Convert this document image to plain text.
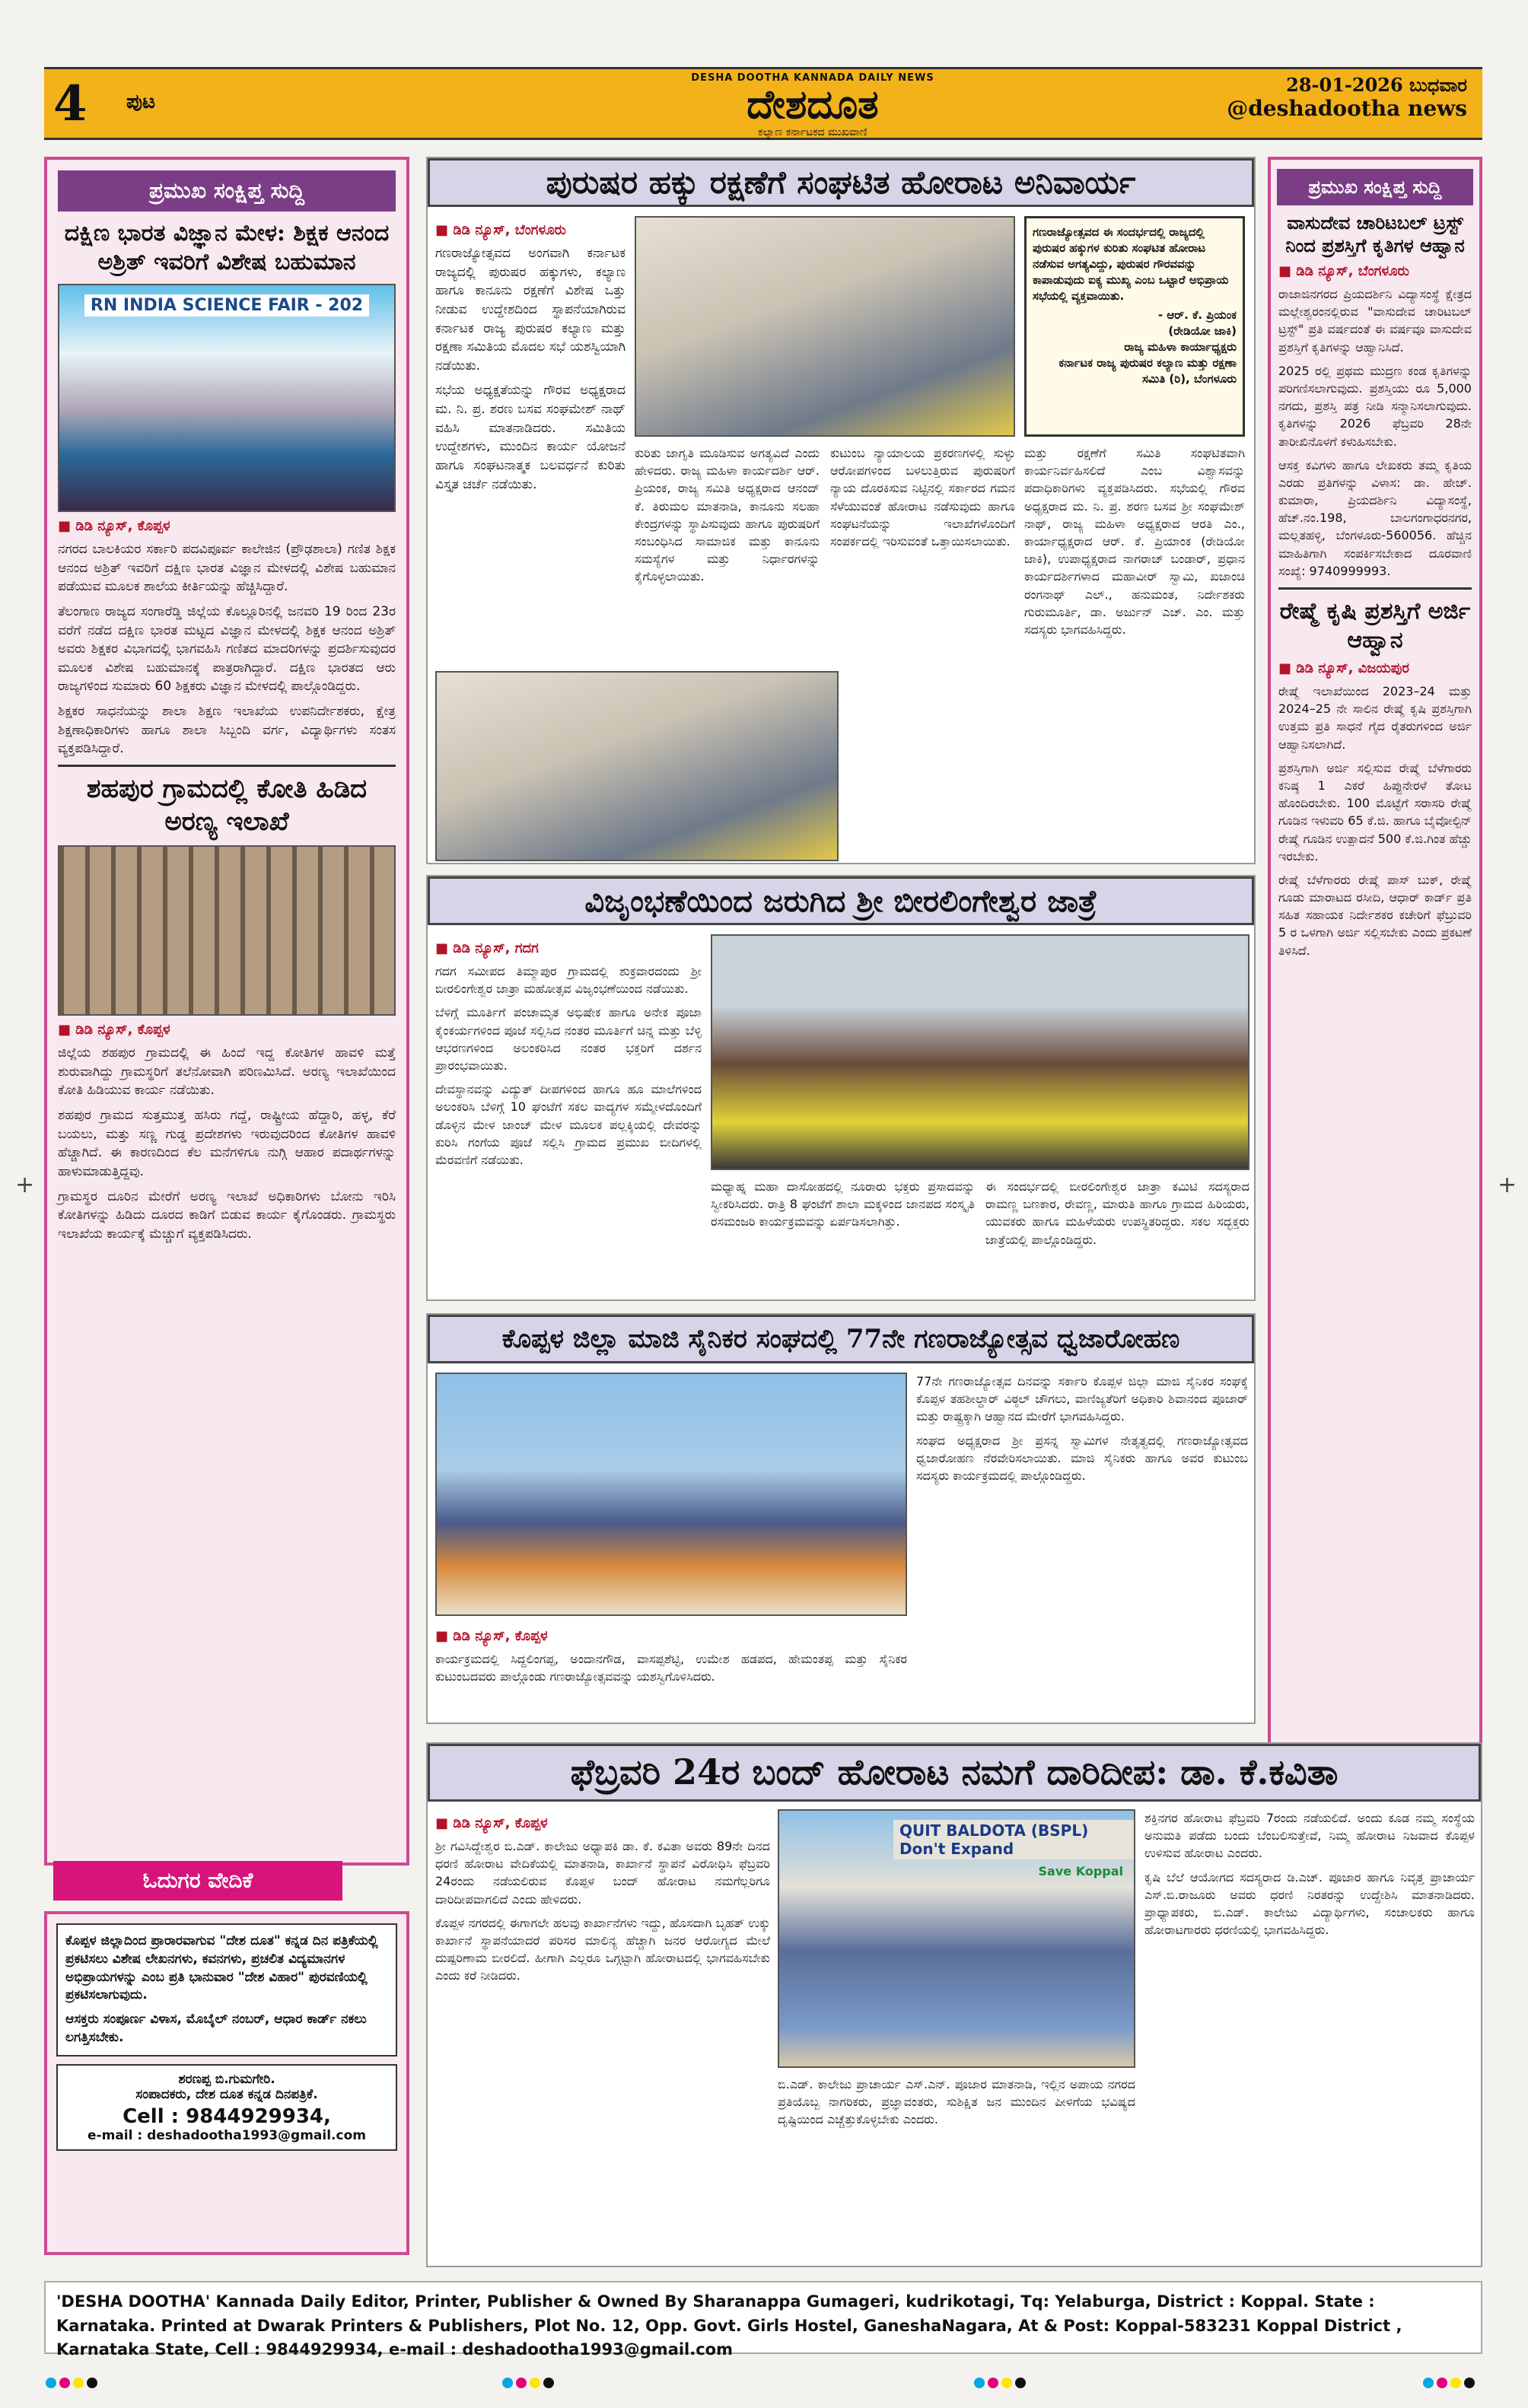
4 ಪುಟ
DESHA DOOTHA KANNADA DAILY NEWS
ದೇಶದೂತ
ಕಲ್ಯಾಣ ಕರ್ನಾಟಕದ ಮುಖವಾಣಿ
28-01-2026 ಬುಧವಾರ
@deshadootha news
ಪ್ರಮುಖ ಸಂಕ್ಷಿಪ್ತ ಸುದ್ದಿ
ದಕ್ಷಿಣ ಭಾರತ ವಿಜ್ಞಾನ ಮೇಳ: ಶಿಕ್ಷಕ ಆನಂದ ಅಶ್ರಿತ್ ಇವರಿಗೆ ವಿಶೇಷ ಬಹುಮಾನ
RN INDIA SCIENCE FAIR - 202
■ ಡಿಡಿ ನ್ಯೂಸ್, ಕೊಪ್ಪಳ

ನಗರದ ಬಾಲಕಿಯರ ಸರ್ಕಾರಿ ಪದವಿಪೂರ್ವ ಕಾಲೇಜಿನ (ಪ್ರೌಢಶಾಲಾ) ಗಣಿತ ಶಿಕ್ಷಕ ಆನಂದ ಅಶ್ರಿತ್ ಇವರಿಗೆ ದಕ್ಷಿಣ ಭಾರತ ವಿಜ್ಞಾನ ಮೇಳದಲ್ಲಿ ವಿಶೇಷ ಬಹುಮಾನ ಪಡೆಯುವ ಮೂಲಕ ಶಾಲೆಯ ಕೀರ್ತಿಯನ್ನು ಹೆಚ್ಚಿಸಿದ್ದಾರೆ.

ತೆಲಂಗಾಣ ರಾಜ್ಯದ ಸಂಗಾರೆಡ್ಡಿ ಜಿಲ್ಲೆಯ ಕೊಲ್ಲೂರಿನಲ್ಲಿ ಜನವರಿ 19 ರಿಂದ 23ರ ವರೆಗೆ ನಡೆದ ದಕ್ಷಿಣ ಭಾರತ ಮಟ್ಟದ ವಿಜ್ಞಾನ ಮೇಳದಲ್ಲಿ ಶಿಕ್ಷಕ ಆನಂದ ಅಶ್ರಿತ್ ಅವರು ಶಿಕ್ಷಕರ ವಿಭಾಗದಲ್ಲಿ ಭಾಗವಹಿಸಿ ಗಣಿತದ ಮಾದರಿಗಳನ್ನು ಪ್ರದರ್ಶಿಸುವುದರ ಮೂಲಕ ವಿಶೇಷ ಬಹುಮಾನಕ್ಕೆ ಪಾತ್ರರಾಗಿದ್ದಾರೆ. ದಕ್ಷಿಣ ಭಾರತದ ಆರು ರಾಜ್ಯಗಳಿಂದ ಸುಮಾರು 60 ಶಿಕ್ಷಕರು ವಿಜ್ಞಾನ ಮೇಳದಲ್ಲಿ ಪಾಲ್ಗೊಂಡಿದ್ದರು.

ಶಿಕ್ಷಕರ ಸಾಧನೆಯನ್ನು ಶಾಲಾ ಶಿಕ್ಷಣ ಇಲಾಖೆಯ ಉಪನಿರ್ದೇಶಕರು, ಕ್ಷೇತ್ರ ಶಿಕ್ಷಣಾಧಿಕಾರಿಗಳು ಹಾಗೂ ಶಾಲಾ ಸಿಬ್ಬಂದಿ ವರ್ಗ, ವಿದ್ಯಾರ್ಥಿಗಳು ಸಂತಸ ವ್ಯಕ್ತಪಡಿಸಿದ್ದಾರೆ.

ಶಹಪುರ ಗ್ರಾಮದಲ್ಲಿ ಕೋತಿ ಹಿಡಿದ ಅರಣ್ಯ ಇಲಾಖೆ
■ ಡಿಡಿ ನ್ಯೂಸ್, ಕೊಪ್ಪಳ

ಜಿಲ್ಲೆಯ ಶಹಪುರ ಗ್ರಾಮದಲ್ಲಿ ಈ ಹಿಂದೆ ಇದ್ದ ಕೋತಿಗಳ ಹಾವಳಿ ಮತ್ತೆ ಶುರುವಾಗಿದ್ದು ಗ್ರಾಮಸ್ಥರಿಗೆ ತಲೆನೋವಾಗಿ ಪರಿಣಮಿಸಿದೆ. ಅರಣ್ಯ ಇಲಾಖೆಯಿಂದ ಕೋತಿ ಹಿಡಿಯುವ ಕಾರ್ಯ ನಡೆಯಿತು.

ಶಹಪುರ ಗ್ರಾಮದ ಸುತ್ತಮುತ್ತ ಹಸಿರು ಗದ್ದೆ, ರಾಷ್ಟ್ರೀಯ ಹೆದ್ದಾರಿ, ಹಳ್ಳ, ಕೆರೆ ಬಯಲು, ಮತ್ತು ಸಣ್ಣ ಗುಡ್ಡ ಪ್ರದೇಶಗಳು ಇರುವುದರಿಂದ ಕೋತಿಗಳ ಹಾವಳಿ ಹೆಚ್ಚಾಗಿದೆ. ಈ ಕಾರಣದಿಂದ ಕೆಲ ಮನೆಗಳಿಗೂ ನುಗ್ಗಿ ಆಹಾರ ಪದಾರ್ಥಗಳನ್ನು ಹಾಳುಮಾಡುತ್ತಿದ್ದವು.

ಗ್ರಾಮಸ್ಥರ ದೂರಿನ ಮೇರೆಗೆ ಅರಣ್ಯ ಇಲಾಖೆ ಅಧಿಕಾರಿಗಳು ಬೋನು ಇರಿಸಿ ಕೋತಿಗಳನ್ನು ಹಿಡಿದು ದೂರದ ಕಾಡಿಗೆ ಬಿಡುವ ಕಾರ್ಯ ಕೈಗೊಂಡರು. ಗ್ರಾಮಸ್ಥರು ಇಲಾಖೆಯ ಕಾರ್ಯಕ್ಕೆ ಮೆಚ್ಚುಗೆ ವ್ಯಕ್ತಪಡಿಸಿದರು.

ಓದುಗರ ವೇದಿಕೆ
ಕೊಪ್ಪಳ ಜಿಲ್ಲಾದಿಂದ ಪ್ರಾರಾರವಾಗುವ "ದೇಶ ದೂತ" ಕನ್ನಡ ದಿನ ಪತ್ರಿಕೆಯಲ್ಲಿ ಪ್ರಕಟಿಸಲು ವಿಶೇಷ ಲೇಖನಗಳು, ಕವನಗಳು, ಪ್ರಚಲಿತ ವಿದ್ಯಮಾನಗಳ ಅಭಿಪ್ರಾಯಗಳನ್ನು ಎಂಬ ಪ್ರತಿ ಭಾನುವಾರ "ದೇಶ ವಿಹಾರ" ಪುರವಣಿಯಲ್ಲಿ ಪ್ರಕಟಿಸಲಾಗುವುದು.
ಆಸಕ್ತರು ಸಂಪೂರ್ಣ ವಿಳಾಸ, ಮೊಬೈಲ್ ನಂಬರ್, ಆಧಾರ ಕಾರ್ಡ್ ನಕಲು ಲಗತ್ತಿಸಬೇಕು.
ಶರಣಪ್ಪ ಬಿ.ಗುಮಗೇರಿ.
ಸಂಪಾದಕರು, ದೇಶ ದೂತ ಕನ್ನಡ ದಿನಪತ್ರಿಕೆ.
Cell : 9844929934,
e-mail : deshadootha1993@gmail.com
ಪುರುಷರ ಹಕ್ಕು ರಕ್ಷಣೆಗೆ ಸಂಘಟಿತ ಹೋರಾಟ ಅನಿವಾರ್ಯ
■ ಡಿಡಿ ನ್ಯೂಸ್, ಬೆಂಗಳೂರು

ಗಣರಾಜ್ಯೋತ್ಸವದ ಅಂಗವಾಗಿ ಕರ್ನಾಟಕ ರಾಜ್ಯದಲ್ಲಿ ಪುರುಷರ ಹಕ್ಕುಗಳು, ಕಲ್ಯಾಣ ಹಾಗೂ ಕಾನೂನು ರಕ್ಷಣೆಗೆ ವಿಶೇಷ ಒತ್ತು ನೀಡುವ ಉದ್ದೇಶದಿಂದ ಸ್ಥಾಪನೆಯಾಗಿರುವ ಕರ್ನಾಟಕ ರಾಜ್ಯ ಪುರುಷರ ಕಲ್ಯಾಣ ಮತ್ತು ರಕ್ಷಣಾ ಸಮಿತಿಯ ಮೊದಲ ಸಭೆ ಯಶಸ್ವಿಯಾಗಿ ನಡೆಯಿತು.

ಸಭೆಯ ಅಧ್ಯಕ್ಷತೆಯನ್ನು ಗೌರವ ಅಧ್ಯಕ್ಷರಾದ ಮ. ನಿ. ಪ್ರ. ಶರಣ ಬಸವ ಸಂಘಮೇಶ್ ನಾಥ್ ವಹಿಸಿ ಮಾತನಾಡಿದರು. ಸಮಿತಿಯ ಉದ್ದೇಶಗಳು, ಮುಂದಿನ ಕಾರ್ಯ ಯೋಜನೆ ಹಾಗೂ ಸಂಘಟನಾತ್ಮಕ ಬಲವರ್ಧನೆ ಕುರಿತು ವಿಸ್ತೃತ ಚರ್ಚೆ ನಡೆಯಿತು.

ಗಣರಾಜ್ಯೋತ್ಸವದ ಈ ಸಂದರ್ಭದಲ್ಲಿ ರಾಜ್ಯದಲ್ಲಿ ಪುರುಷರ ಹಕ್ಕುಗಳ ಕುರಿತು ಸಂಘಟಿತ ಹೋರಾಟ ನಡೆಸುವ ಅಗತ್ಯವಿದ್ದು, ಪುರುಷರ ಗೌರವವನ್ನು ಕಾಪಾಡುವುದು ಐಕ್ಯ ಮುಖ್ಯ ಎಂಬ ಒಟ್ಟಾರೆ ಅಭಿಪ್ರಾಯ ಸಭೆಯಲ್ಲಿ ವ್ಯಕ್ತವಾಯಿತು.
- ಆರ್. ಕೆ. ಪ್ರಿಯಂಕ
(ರೇಡಿಯೋ ಜಾಕಿ)
ರಾಜ್ಯ ಮಹಿಳಾ ಕಾರ್ಯಾಧ್ಯಕ್ಷರು
ಕರ್ನಾಟಕ ರಾಜ್ಯ ಪುರುಷರ ಕಲ್ಯಾಣ ಮತ್ತು ರಕ್ಷಣಾ ಸಮಿತಿ (ರಿ), ಬೆಂಗಳೂರು

ಕುರಿತು ಜಾಗೃತಿ ಮೂಡಿಸುವ ಅಗತ್ಯವಿದೆ ಎಂದು ಹೇಳಿದರು. ರಾಜ್ಯ ಮಹಿಳಾ ಕಾರ್ಯದರ್ಶಿ ಆರ್. ಪ್ರಿಯಂಕ, ರಾಜ್ಯ ಸಮಿತಿ ಅಧ್ಯಕ್ಷರಾದ ಆನಂದ್ ಕೆ. ತಿರುಮಲ ಮಾತನಾಡಿ, ಕಾನೂನು ಸಲಹಾ ಕೇಂದ್ರಗಳನ್ನು ಸ್ಥಾಪಿಸುವುದು ಹಾಗೂ ಪುರುಷರಿಗೆ ಸಂಬಂಧಿಸಿದ ಸಾಮಾಜಿಕ ಮತ್ತು ಕಾನೂನು ಸಮಸ್ಯೆಗಳ ಮತ್ತು ನಿರ್ಧಾರಗಳನ್ನು ಕೈಗೊಳ್ಳಲಾಯಿತು.

ಕುಟುಂಬ ನ್ಯಾಯಾಲಯ ಪ್ರಕರಣಗಳಲ್ಲಿ ಸುಳ್ಳು ಆರೋಪಗಳಿಂದ ಬಳಲುತ್ತಿರುವ ಪುರುಷರಿಗೆ ನ್ಯಾಯ ದೊರಕಿಸುವ ನಿಟ್ಟಿನಲ್ಲಿ ಸರ್ಕಾರದ ಗಮನ ಸೆಳೆಯುವಂತೆ ಹೋರಾಟ ನಡೆಸುವುದು ಹಾಗೂ ಸಂಘಟನೆಯನ್ನು ಇಲಾಖೆಗಳೊಂದಿಗೆ ಸಂಪರ್ಕದಲ್ಲಿ ಇರಿಸುವಂತೆ ಒತ್ತಾಯಿಸಲಾಯಿತು.

ಮತ್ತು ರಕ್ಷಣೆಗೆ ಸಮಿತಿ ಸಂಘಟಿತವಾಗಿ ಕಾರ್ಯನಿರ್ವಹಿಸಲಿದೆ ಎಂಬ ವಿಶ್ವಾಸವನ್ನು ಪದಾಧಿಕಾರಿಗಳು ವ್ಯಕ್ತಪಡಿಸಿದರು. ಸಭೆಯಲ್ಲಿ ಗೌರವ ಅಧ್ಯಕ್ಷರಾದ ಮ. ನಿ. ಪ್ರ. ಶರಣ ಬಸವ ಶ್ರೀ ಸಂಘಮೇಶ್ ನಾಥ್, ರಾಜ್ಯ ಮಹಿಳಾ ಅಧ್ಯಕ್ಷರಾದ ಆರತಿ ಎಂ., ಕಾರ್ಯಾಧ್ಯಕ್ಷರಾದ ಆರ್. ಕೆ. ಪ್ರಿಯಾಂಕ (ರೇಡಿಯೋ ಜಾಕಿ), ಉಪಾಧ್ಯಕ್ಷರಾದ ನಾಗರಾಜ್ ಬಂಡಾರ್, ಪ್ರಧಾನ ಕಾರ್ಯದರ್ಶಿಗಳಾದ ಮಹಾವೀರ್ ಸ್ವಾಮಿ, ಖಜಾಂಚಿ ರಂಗನಾಥ್ ಎಲ್., ಹನುಮಂತ, ನಿರ್ದೇಶಕರು ಗುರುಮೂರ್ತಿ, ಡಾ. ಅರ್ಜುನ್ ಎಚ್. ಎಂ. ಮತ್ತು ಸದಸ್ಯರು ಭಾಗವಹಿಸಿದ್ದರು.

ವಿಜೃಂಭಣೆಯಿಂದ ಜರುಗಿದ ಶ್ರೀ ಬೀರಲಿಂಗೇಶ್ವರ ಜಾತ್ರೆ
■ ಡಿಡಿ ನ್ಯೂಸ್, ಗದಗ

ಗದಗ ಸಮೀಪದ ತಿಮ್ಮಾಪುರ ಗ್ರಾಮದಲ್ಲಿ ಶುಕ್ರವಾರದಂದು ಶ್ರೀ ಬೀರಲಿಂಗೇಶ್ವರ ಜಾತ್ರಾ ಮಹೋತ್ಸವ ವಿಜೃಂಭಣೆಯಿಂದ ನಡೆಯಿತು.

ಬೆಳಿಗ್ಗೆ ಮೂರ್ತಿಗೆ ಪಂಚಾಮೃತ ಅಭಿಷೇಕ ಹಾಗೂ ಅನೇಕ ಪೂಜಾ ಕೈಂಕರ್ಯಗಳಿಂದ ಪೂಜೆ ಸಲ್ಲಿಸಿದ ನಂತರ ಮೂರ್ತಿಗೆ ಚಿನ್ನ ಮತ್ತು ಬೆಳ್ಳಿ ಆಭರಣಗಳಿಂದ ಅಲಂಕರಿಸಿದ ನಂತರ ಭಕ್ತರಿಗೆ ದರ್ಶನ ಪ್ರಾರಂಭವಾಯಿತು.

ದೇವಸ್ಥಾನವನ್ನು ವಿದ್ಯುತ್ ದೀಪಗಳಿಂದ ಹಾಗೂ ಹೂ ಮಾಲೆಗಳಿಂದ ಅಲಂಕರಿಸಿ ಬೆಳಿಗ್ಗೆ 10 ಘಂಟೆಗೆ ಸಕಲ ವಾದ್ಯಗಳ ಸಮ್ಮೇಳದೊಂದಿಗೆ ಡೊಳ್ಳಿನ ಮೇಳ ಜಾಂಜ್ ಮೇಳ ಮೂಲಕ ಪಲ್ಲಕ್ಕಿಯಲ್ಲಿ ದೇವರನ್ನು ಕುರಿಸಿ ಗಂಗೆಯ ಪೂಜೆ ಸಲ್ಲಿಸಿ ಗ್ರಾಮದ ಪ್ರಮುಖ ಬೀದಿಗಳಲ್ಲಿ ಮೆರವಣಿಗೆ ನಡೆಯಿತು.

ಮಧ್ಯಾಹ್ನ ಮಹಾ ದಾಸೋಹದಲ್ಲಿ ನೂರಾರು ಭಕ್ತರು ಪ್ರಸಾದವನ್ನು ಸ್ವೀಕರಿಸಿದರು. ರಾತ್ರಿ 8 ಘಂಟೆಗೆ ಶಾಲಾ ಮಕ್ಕಳಿಂದ ಜಾನಪದ ಸಂಸ್ಕೃತಿ ರಸಮಂಜರಿ ಕಾರ್ಯಕ್ರಮವನ್ನು ಏರ್ಪಡಿಸಲಾಗಿತ್ತು.

ಈ ಸಂದರ್ಭದಲ್ಲಿ ಬೀರಲಿಂಗೇಶ್ವರ ಜಾತ್ರಾ ಕಮಿಟಿ ಸದಸ್ಯರಾದ ರಾಮಣ್ಣ ಬಣಕಾರ, ರೇವಣ್ಣ, ಮಾರುತಿ ಹಾಗೂ ಗ್ರಾಮದ ಹಿರಿಯರು, ಯುವಕರು ಹಾಗೂ ಮಹಿಳೆಯರು ಉಪಸ್ಥಿತರಿದ್ದರು. ಸಕಲ ಸದ್ಭಕ್ತರು ಜಾತ್ರೆಯಲ್ಲಿ ಪಾಲ್ಗೊಂಡಿದ್ದರು.

ಕೊಪ್ಪಳ ಜಿಲ್ಲಾ ಮಾಜಿ ಸೈನಿಕರ ಸಂಘದಲ್ಲಿ 77ನೇ ಗಣರಾಜ್ಯೋತ್ಸವ ಧ್ವಜಾರೋಹಣ

77ನೇ ಗಣರಾಜ್ಯೋತ್ಸವ ದಿನವನ್ನು ಸರ್ಕಾರಿ ಕೊಪ್ಪಳ ಜಿಲ್ಲಾ ಮಾಜಿ ಸೈನಿಕರ ಸಂಘಕ್ಕೆ ಕೊಪ್ಪಳ ತಹಶೀಲ್ದಾರ್ ವಿಠ್ಠಲ್ ಚೌಗಲು, ವಾಣಿಜ್ಯತೆರಿಗೆ ಅಧಿಕಾರಿ ಶಿವಾನಂದ ಪೂಜಾರ್ ಮತ್ತು ರಾಷ್ಟ್ರಕ್ಕಾಗಿ ಆಹ್ವಾನದ ಮೇರೆಗೆ ಭಾಗವಹಿಸಿದ್ದರು.

ಸಂಘದ ಅಧ್ಯಕ್ಷರಾದ ಶ್ರೀ ಪ್ರಸನ್ನ ಸ್ವಾಮಿಗಳ ನೇತೃತ್ವದಲ್ಲಿ ಗಣರಾಜ್ಯೋತ್ಸವದ ಧ್ವಜಾರೋಹಣ ನೆರವೇರಿಸಲಾಯಿತು. ಮಾಜಿ ಸೈನಿಕರು ಹಾಗೂ ಅವರ ಕುಟುಂಬ ಸದಸ್ಯರು ಕಾರ್ಯಕ್ರಮದಲ್ಲಿ ಪಾಲ್ಗೊಂಡಿದ್ದರು.

■ ಡಿಡಿ ನ್ಯೂಸ್, ಕೊಪ್ಪಳ

ಕಾರ್ಯಕ್ರಮದಲ್ಲಿ ಸಿದ್ದಲಿಂಗಪ್ಪ, ಅಂದಾನಗೌಡ, ವಾಸಪ್ಪಶೆಟ್ಟಿ, ಉಮೇಶ ಹಡಪದ, ಹೇಮಂತಪ್ಪ ಮತ್ತು ಸೈನಿಕರ ಕುಟುಂಬದವರು ಪಾಲ್ಗೊಂಡು ಗಣರಾಜ್ಯೋತ್ಸವವನ್ನು ಯಶಸ್ವಿಗೊಳಿಸಿದರು.

ಪ್ರಮುಖ ಸಂಕ್ಷಿಪ್ತ ಸುದ್ದಿ
ವಾಸುದೇವ ಚಾರಿಟಬಲ್ ಟ್ರಸ್ಟ್ ನಿಂದ ಪ್ರಶಸ್ತಿಗೆ ಕೃತಿಗಳ ಆಹ್ವಾನ
■ ಡಿಡಿ ನ್ಯೂಸ್, ಬೆಂಗಳೂರು

ರಾಜಾಜಿನಗರದ ಪ್ರಿಯದರ್ಶಿನಿ ವಿದ್ಯಾಸಂಸ್ಥೆ ಕ್ಷೇತ್ರದ ಮಲ್ಲೇಶ್ವರಂನಲ್ಲಿರುವ "ವಾಸುದೇವ ಚಾರಿಟಬಲ್ ಟ್ರಸ್ಟ್" ಪ್ರತಿ ವರ್ಷದಂತೆ ಈ ವರ್ಷವೂ ವಾಸುದೇವ ಪ್ರಶಸ್ತಿಗೆ ಕೃತಿಗಳನ್ನು ಆಹ್ವಾನಿಸಿದೆ.

2025 ರಲ್ಲಿ ಪ್ರಥಮ ಮುದ್ರಣ ಕಂಡ ಕೃತಿಗಳನ್ನು ಪರಿಗಣಿಸಲಾಗುವುದು. ಪ್ರಶಸ್ತಿಯು ರೂ 5,000 ನಗದು, ಪ್ರಶಸ್ತಿ ಪತ್ರ ನೀಡಿ ಸನ್ಮಾನಿಸಲಾಗುವುದು. ಕೃತಿಗಳನ್ನು 2026 ಫೆಬ್ರವರಿ 28ನೇ ತಾರೀಖಿನೊಳಗೆ ಕಳುಹಿಸಬೇಕು.

ಆಸಕ್ತ ಕವಿಗಳು ಹಾಗೂ ಲೇಖಕರು ತಮ್ಮ ಕೃತಿಯ ಎರಡು ಪ್ರತಿಗಳನ್ನು ವಿಳಾಸ: ಡಾ. ಹೇಚ್. ಕುಮಾರಾ, ಪ್ರಿಯದರ್ಶಿನಿ ವಿದ್ಯಾಸಂಸ್ಥೆ, ಹೆಚ್.ನಂ.198, ಬಾಲಗಂಗಾಧರನಗರ, ಮಲ್ಲತಹಳ್ಳಿ, ಬೆಂಗಳೂರು-560056. ಹೆಚ್ಚಿನ ಮಾಹಿತಿಗಾಗಿ ಸಂಪರ್ಕಿಸಬೇಕಾದ ದೂರವಾಣಿ ಸಂಖ್ಯೆ: 9740999993.

ರೇಷ್ಮೆ ಕೃಷಿ ಪ್ರಶಸ್ತಿಗೆ ಅರ್ಜಿ ಆಹ್ವಾನ
■ ಡಿಡಿ ನ್ಯೂಸ್, ವಿಜಯಪುರ

ರೇಷ್ಮೆ ಇಲಾಖೆಯಿಂದ 2023–24 ಮತ್ತು 2024–25 ನೇ ಸಾಲಿನ ರೇಷ್ಮೆ ಕೃಷಿ ಪ್ರಶಸ್ತಿಗಾಗಿ ಉತ್ತಮ ಪ್ರತಿ ಸಾಧನೆ ಗೈದ ರೈತರುಗಳಿಂದ ಅರ್ಜಿ ಆಹ್ವಾನಿಸಲಾಗಿದೆ.

ಪ್ರಶಸ್ತಿಗಾಗಿ ಅರ್ಜಿ ಸಲ್ಲಿಸುವ ರೇಷ್ಮೆ ಬೆಳೆಗಾರರು ಕನಿಷ್ಠ 1 ಎಕರೆ ಹಿಪ್ಪುನೇರಳೆ ತೋಟ ಹೊಂದಿರಬೇಕು. 100 ಮೊಟ್ಟೆಗೆ ಸರಾಸರಿ ರೇಷ್ಮೆ ಗೂಡಿನ ಇಳುವರಿ 65 ಕೆ.ಜಿ. ಹಾಗೂ ಬೈವೋಲ್ಟಿನ್ ರೇಷ್ಮೆ ಗೂಡಿನ ಉತ್ಪಾದನೆ 500 ಕೆ.ಜಿ.ಗಿಂತ ಹೆಚ್ಚು ಇರಬೇಕು.

ರೇಷ್ಮೆ ಬೆಳೆಗಾರರು ರೇಷ್ಮೆ ಪಾಸ್ ಬುಕ್, ರೇಷ್ಮೆ ಗೂಡು ಮಾರಾಟದ ರಸೀದಿ, ಆಧಾರ್ ಕಾರ್ಡ್ ಪ್ರತಿ ಸಹಿತ ಸಹಾಯಕ ನಿರ್ದೇಶಕರ ಕಚೇರಿಗೆ ಫೆಬ್ರುವರಿ 5 ರ ಒಳಗಾಗಿ ಅರ್ಜಿ ಸಲ್ಲಿಸಬೇಕು ಎಂದು ಪ್ರಕಟಣೆ ತಿಳಿಸಿದೆ.

ಫೆಬ್ರವರಿ 24ರ ಬಂದ್ ಹೋರಾಟ ನಮಗೆ ದಾರಿದೀಪ: ಡಾ. ಕೆ.ಕವಿತಾ
■ ಡಿಡಿ ನ್ಯೂಸ್, ಕೊಪ್ಪಳ

ಶ್ರೀ ಗವಿಸಿದ್ದೇಶ್ವರ ಬಿ.ಎಡ್. ಕಾಲೇಜು ಅಧ್ಯಾಪಕಿ ಡಾ. ಕೆ. ಕವಿತಾ ಅವರು 89ನೇ ದಿನದ ಧರಣಿ ಹೋರಾಟ ವೇದಿಕೆಯಲ್ಲಿ ಮಾತನಾಡಿ, ಕಾರ್ಖಾನೆ ಸ್ಥಾಪನೆ ವಿರೋಧಿಸಿ ಫೆಬ್ರವರಿ 24ರಂದು ನಡೆಯಲಿರುವ ಕೊಪ್ಪಳ ಬಂದ್ ಹೋರಾಟ ನಮಗೆಲ್ಲರಿಗೂ ದಾರಿದೀಪವಾಗಲಿದೆ ಎಂದು ಹೇಳಿದರು.

ಕೊಪ್ಪಳ ನಗರದಲ್ಲಿ ಈಗಾಗಲೇ ಹಲವು ಕಾರ್ಖಾನೆಗಳು ಇದ್ದು, ಹೊಸದಾಗಿ ಬೃಹತ್ ಉಕ್ಕು ಕಾರ್ಖಾನೆ ಸ್ಥಾಪನೆಯಾದರೆ ಪರಿಸರ ಮಾಲಿನ್ಯ ಹೆಚ್ಚಾಗಿ ಜನರ ಆರೋಗ್ಯದ ಮೇಲೆ ದುಷ್ಪರಿಣಾಮ ಬೀರಲಿದೆ. ಹೀಗಾಗಿ ಎಲ್ಲರೂ ಒಗ್ಗಟ್ಟಾಗಿ ಹೋರಾಟದಲ್ಲಿ ಭಾಗವಹಿಸಬೇಕು ಎಂದು ಕರೆ ನೀಡಿದರು.

QUIT BALDOTA (BSPL) Don't Expand
Save Koppal

ಬಿ.ಎಡ್. ಕಾಲೇಜು ಪ್ರಾಚಾರ್ಯ ಎಸ್.ಎನ್. ಪೂಜಾರ ಮಾತನಾಡಿ, ಇಲ್ಲಿನ ಅಪಾಯ ನಗರದ ಪ್ರತಿಯೊಬ್ಬ ನಾಗರಿಕರು, ಪ್ರಜ್ಞಾವಂತರು, ಸುಶಿಕ್ಷಿತ ಜನ ಮುಂದಿನ ಪೀಳಿಗೆಯ ಭವಿಷ್ಯದ ದೃಷ್ಟಿಯಿಂದ ಎಚ್ಚೆತ್ತುಕೊಳ್ಳಬೇಕು ಎಂದರು.

ಶಕ್ತಿನಗರ ಹೋರಾಟ ಫೆಬ್ರವರಿ 7ರಂದು ನಡೆಯಲಿದೆ. ಅಂದು ಕೂಡ ನಮ್ಮ ಸಂಸ್ಥೆಯ ಅನುಮತಿ ಪಡೆದು ಬಂದು ಬೆಂಬಲಿಸುತ್ತೇವೆ, ನಿಮ್ಮ ಹೋರಾಟ ನಿಜವಾದ ಕೊಪ್ಪಳ ಉಳಿಸುವ ಹೋರಾಟ ಎಂದರು.

ಕೃಷಿ ಬೆಲೆ ಆಯೋಗದ ಸದಸ್ಯರಾದ ಡಿ.ಎಚ್. ಪೂಜಾರ ಹಾಗೂ ನಿವೃತ್ತ ಪ್ರಾಚಾರ್ಯ ಎಸ್.ಬಿ.ರಾಜೂರು ಅವರು ಧರಣಿ ನಿರತರನ್ನು ಉದ್ದೇಶಿಸಿ ಮಾತನಾಡಿದರು. ಪ್ರಾಧ್ಯಾಪಕರು, ಬಿ.ಎಡ್. ಕಾಲೇಜು ವಿದ್ಯಾರ್ಥಿಗಳು, ಸಂಚಾಲಕರು ಹಾಗೂ ಹೋರಾಟಗಾರರು ಧರಣಿಯಲ್ಲಿ ಭಾಗವಹಿಸಿದ್ದರು.

'DESHA DOOTHA' Kannada Daily Editor, Printer, Publisher & Owned By Sharanappa Gumageri, kudrikotagi, Tq: Yelaburga, District : Koppal. State : Karnataka. Printed at Dwarak Printers & Publishers, Plot No. 12, Opp. Govt. Girls Hostel, GaneshaNagara, At & Post: Koppal-583231 Koppal District , Karnataka State, Cell : 9844929934, e-mail : deshadootha1993@gmail.com
+	+
